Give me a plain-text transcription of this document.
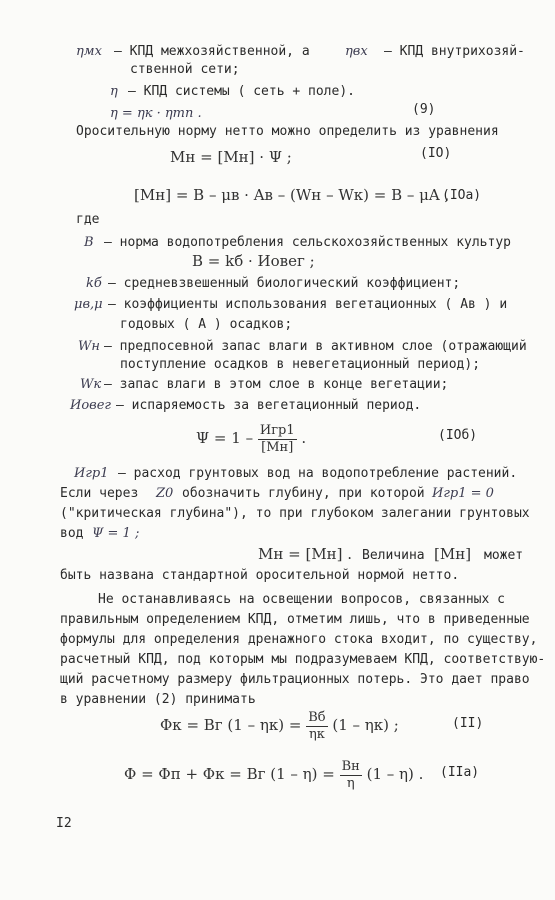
ηмх – КПД межхозяйственной, а	ηвх – КПД внутрихозяй-
ственной сети;
η – КПД системы ( сеть + поле).
η = ηк · ηтп .	(9)
Оросительную норму нетто можно определить из уравнения
Mн = [Mн] · Ψ ;	(IO)
[Mн] = B – μв · Aв – (Wн – Wк) = B – μA ,
(IOa)
где
B – норма водопотребления сельскохозяйственных культур
B = kб · Иовег ;
kб – средневзвешенный биологический коэффициент;
μв,μ – коэффициенты использования вегетационных ( Aв ) и
годовых ( A ) осадков;
Wн – предпосевной запас влаги в активном слое (отражающий
поступление осадков в невегетационный период);
Wк – запас влаги в этом слое в конце вегетации;
Иовег – испаряемость за вегетационный период.
$\Psi = 1 - \frac{\text{Игр1}}{[Mн]}$ .	(IOб)
Игр1 – расход грунтовых вод на водопотребление растений.
Если через Z0 обозначить глубину, при которой Игр1 = 0
("критическая глубина"), то при глубоком залегании грунтовых
вод Ψ = 1 ;
Mн = [Mн] . Величина [Mн] может
быть названа стандартной оросительной нормой нетто.
Не останавливаясь на освещении вопросов, связанных с
правильным определением КПД, отметим лишь, что в приведенные
формулы для определения дренажного стока входит, по существу,
расчетный КПД, под которым мы подразумеваем КПД, соответствую-
щий расчетному размеру фильтрационных потерь. Это дает право
в уравнении (2) принимать
Φк = Bг $(1 - \eta к) = \frac{Bб}{\eta к} (1 - \eta к)$ ;	(II)
Φ = Φп + Φк = Bг $(1 - \eta) = \frac{Bн}{\eta} (1 - \eta)$ . (IIa)
I2
